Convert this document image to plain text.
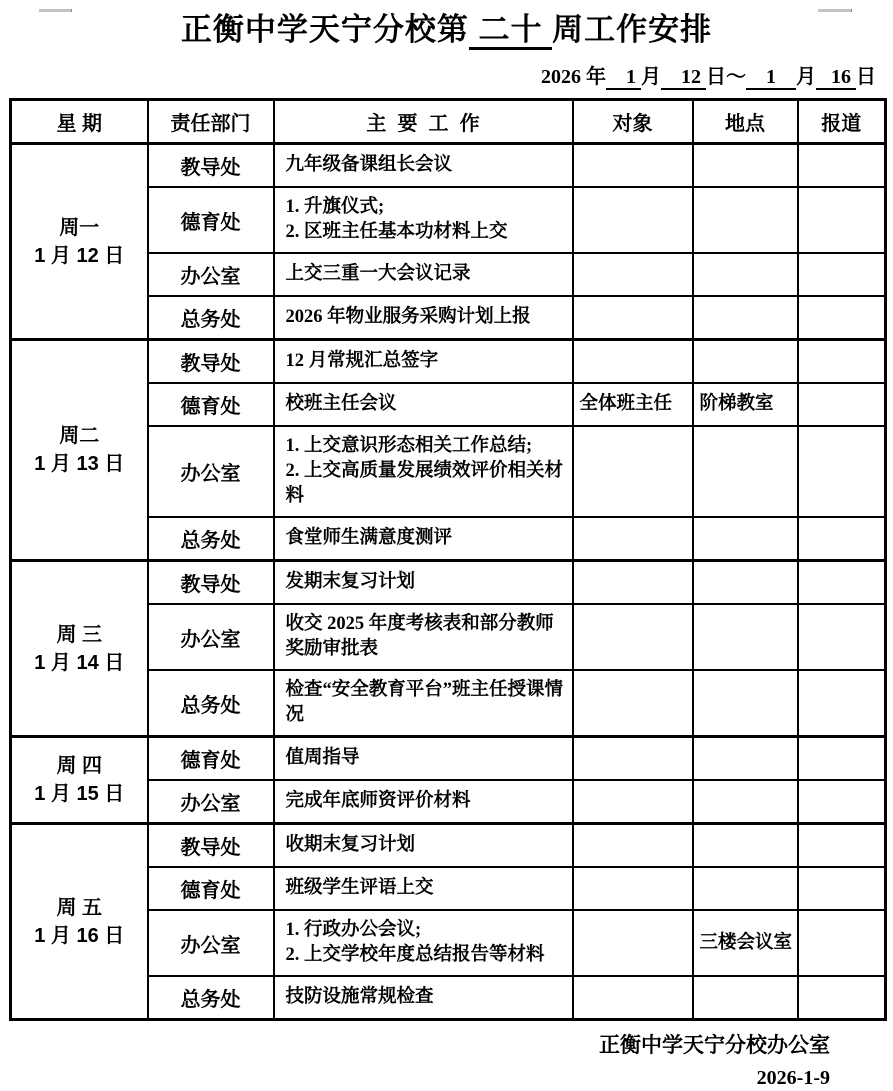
正衡中学天宁分校第 二十 周工作安排
2026 年    1 月    12 日～    1    月   16 日
星 期	责任部门	主  要  工  作	对象	地点	报道

周一
1 月 12 日	教导处	九年级备课组长会议			

	德育处	1. 升旗仪式;
2. 区班主任基本功材料上交			

	办公室	上交三重一大会议记录			

	总务处	2026 年物业服务采购计划上报			

周二
1 月 13 日	教导处	12 月常规汇总签字			

	德育处	校班主任会议	全体班主任	阶梯教室	
	办公室	1. 上交意识形态相关工作总结;
2. 上交高质量发展绩效评价相关材料			

	总务处	食堂师生满意度测评			

周 三
1 月 14 日	教导处	发期末复习计划			

	办公室	收交 2025 年度考核表和部分教师奖励审批表			

	总务处	检查“安全教育平台”班主任授课情况			

周 四
1 月 15 日	德育处	值周指导			

	办公室	完成年底师资评价材料			

周 五
1 月 16 日	教导处	收期末复习计划			

	德育处	班级学生评语上交			

	办公室	1. 行政办公会议;
2. 上交学校年度总结报告等材料		三楼会议室	
	总务处	技防设施常规检查			

正衡中学天宁分校办公室
2026-1-9
